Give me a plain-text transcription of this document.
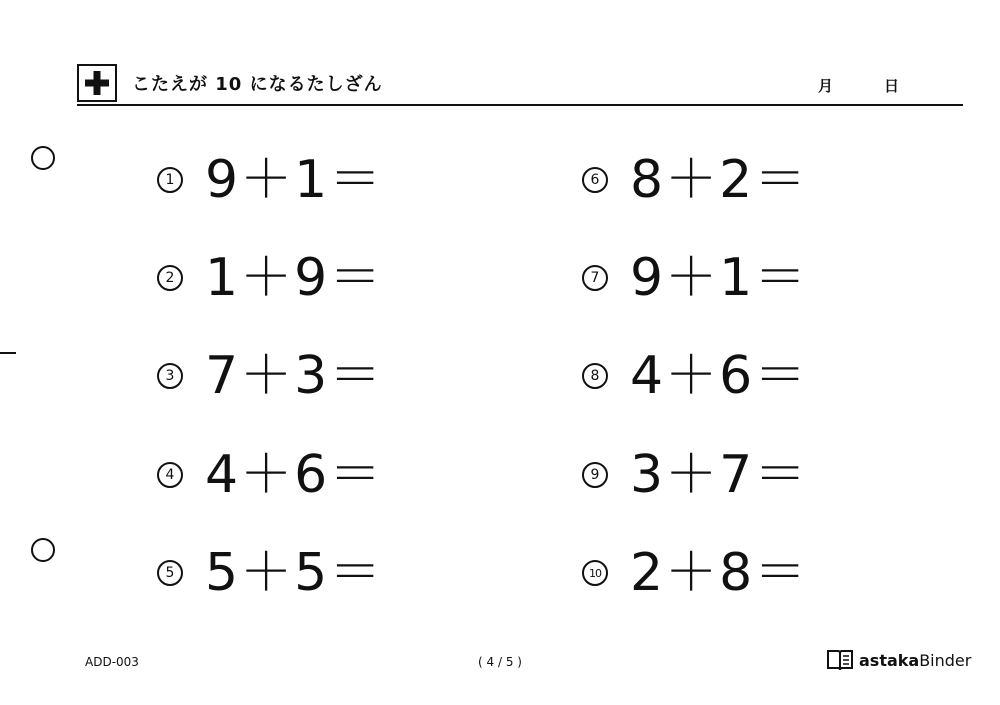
こたえが 10 になるたしざん	月	日
1 9＋1＝
2 1＋9＝
3 7＋3＝
4 4＋6＝
5 5＋5＝
6 8＋2＝
7 9＋1＝
8 4＋6＝
9 3＋7＝
10 2＋8＝
ADD-003	( 4 / 5 )	astaka Binder
